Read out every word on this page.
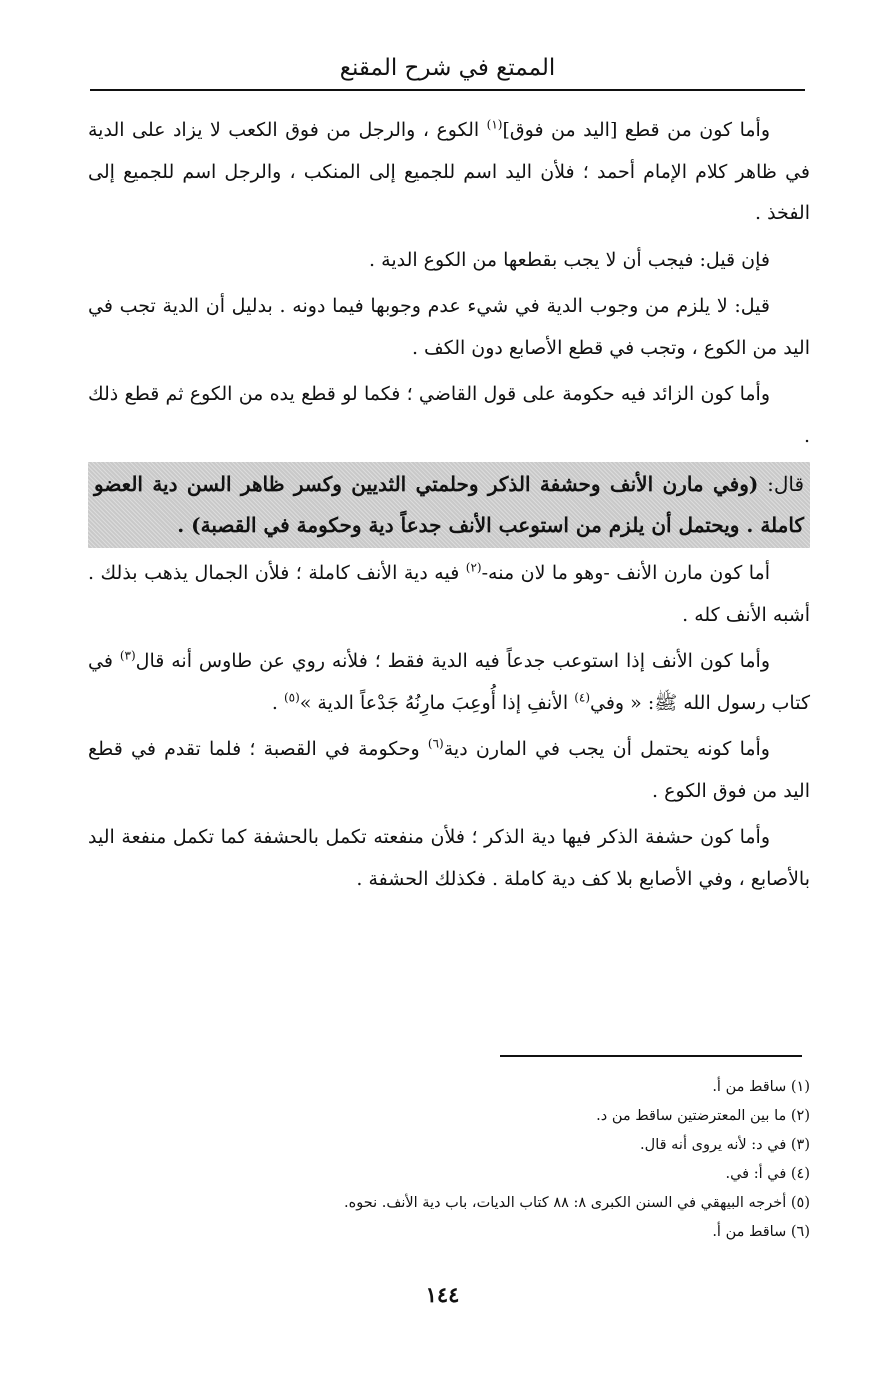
الممتع في شرح المقنع

وأما كون من قطع [اليد من فوق]$^{(١)}$ الكوع ، والرجل من فوق الكعب لا يزاد على الدية في ظاهر كلام الإمام أحمد ؛ فلأن اليد اسم للجميع إلى المنكب ، والرجل اسم للجميع إلى الفخذ .

فإن قيل: فيجب أن لا يجب بقطعها من الكوع الدية .

قيل: لا يلزم من وجوب الدية في شيء عدم وجوبها فيما دونه . بدليل أن الدية تجب في اليد من الكوع ، وتجب في قطع الأصابع دون الكف .

وأما كون الزائد فيه حكومة على قول القاضي ؛ فكما لو قطع يده من الكوع ثم قطع ذلك .

قال: (وفي مارن الأنف وحشفة الذكر وحلمتي الثديين وكسر ظاهر السن دية العضو كاملة . ويحتمل أن يلزم من استوعب الأنف جدعاً دية وحكومة في القصبة) .

أما كون مارن الأنف -وهو ما لان منه-$^{(٢)}$ فيه دية الأنف كاملة ؛ فلأن الجمال يذهب بذلك . أشبه الأنف كله .

وأما كون الأنف إذا استوعب جدعاً فيه الدية فقط ؛ فلأنه روي عن طاوس أنه قال$^{(٣)}$ في كتاب رسول الله ﷺ: « وفي$^{(٤)}$ الأنفِ إذا أُوعِبَ مارِنُهُ جَدْعاً الدية »$^{(٥)}$ .

وأما كونه يحتمل أن يجب في المارن دية$^{(٦)}$ وحكومة في القصبة ؛ فلما تقدم في قطع اليد من فوق الكوع .

وأما كون حشفة الذكر فيها دية الذكر ؛ فلأن منفعته تكمل بالحشفة كما تكمل منفعة اليد بالأصابع ، وفي الأصابع بلا كف دية كاملة . فكذلك الحشفة .

(١) ساقط من أ.
(٢) ما بين المعترضتين ساقط من د.
(٣) في د: لأنه يروى أنه قال.
(٤) في أ: في.
(٥) أخرجه البيهقي في السنن الكبرى ٨: ٨٨ كتاب الديات، باب دية الأنف. نحوه.
(٦) ساقط من أ.
١٤٤
